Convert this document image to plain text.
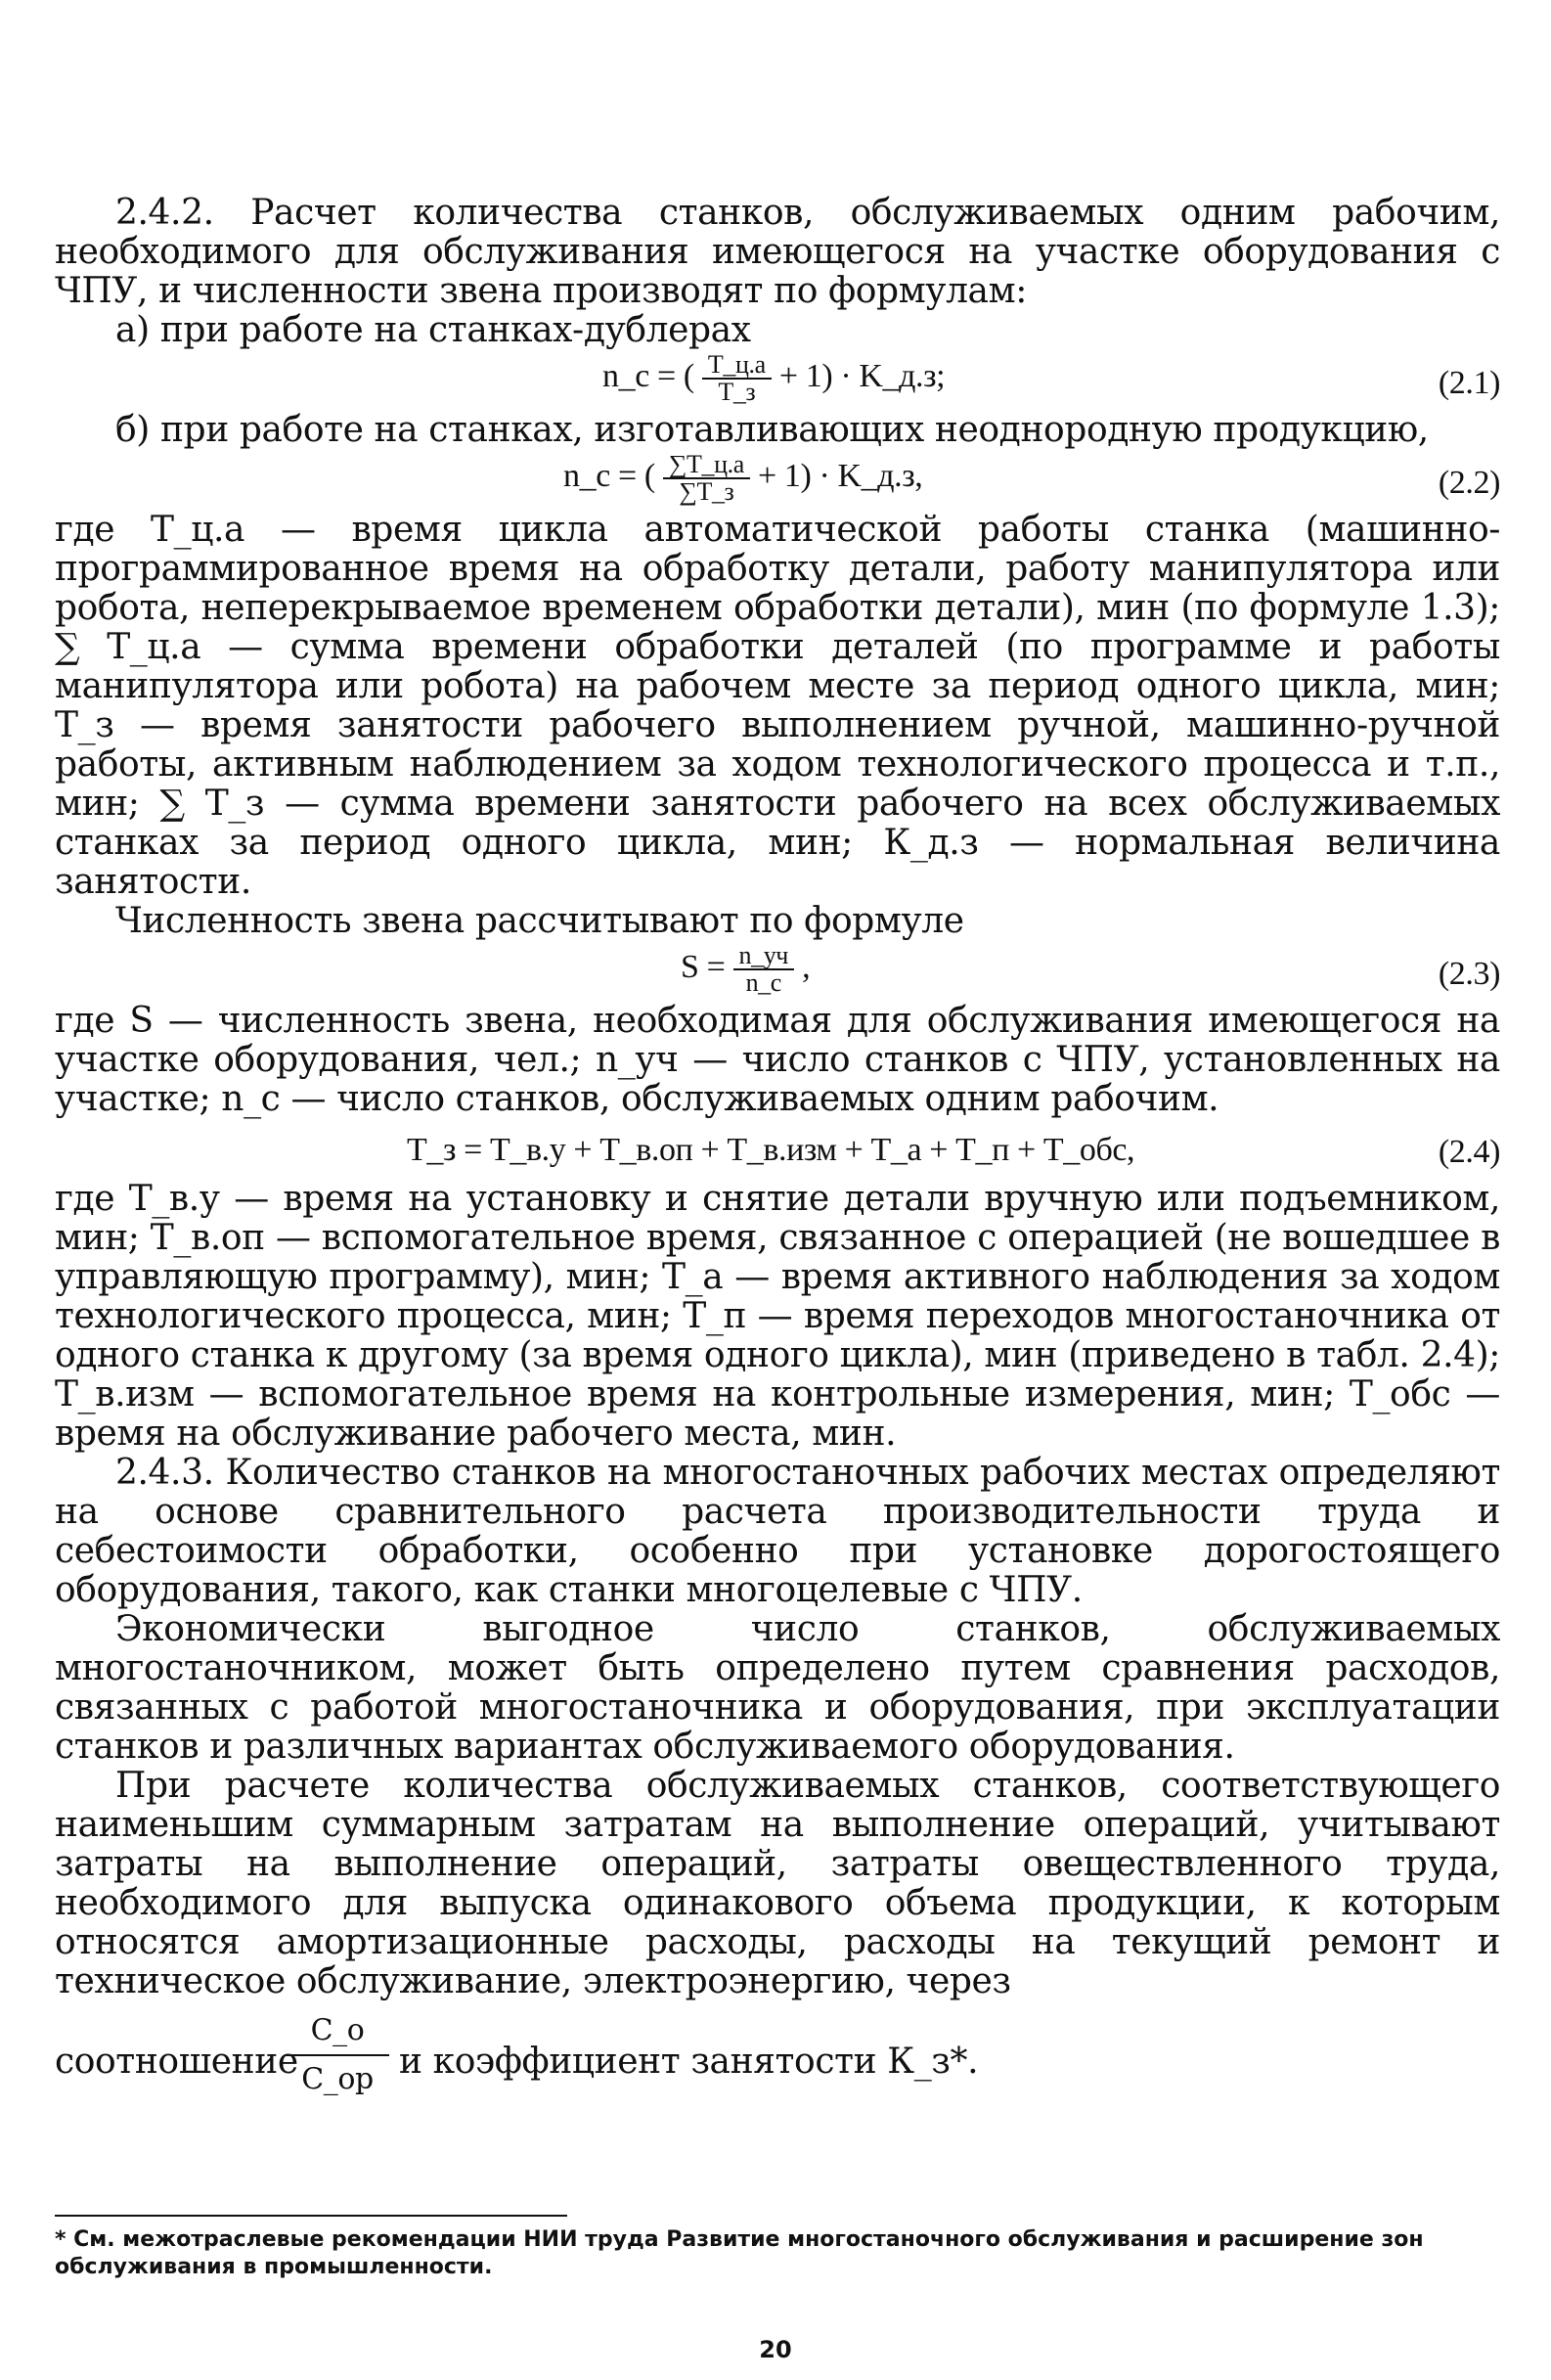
2.4.2. Расчет количества станков, обслуживаемых одним рабочим, необходимого для обслуживания имеющегося на участке оборудования с ЧПУ, и численности звена производят по формулам:

а) при работе на станках-дублерах

n_c = ( $\frac{T\_ц.а}{T\_з} + 1$) · K_д.з;	(2.1)

б) при работе на станках, изготавливающих неоднородную продукцию,

n_c = ( $\frac{\sum T\_ц.а}{\sum T\_з} + 1$) · K_д.з,	(2.2)

где Т_ц.а — время цикла автоматической работы станка (машинно-программированное время на обработку детали, работу манипулятора или робота, неперекрываемое временем обработки детали), мин (по формуле 1.3); ∑ Т_ц.а — сумма времени обработки деталей (по программе и работы манипулятора или робота) на рабочем месте за период одного цикла, мин; Т_з — время занятости рабочего выполнением ручной, машинно-ручной работы, активным наблюдением за ходом технологического процесса и т.п., мин; ∑ Т_з — сумма времени занятости рабочего на всех обслуживаемых станках за период одного цикла, мин; К_д.з — нормальная величина занятости.

Численность звена рассчитывают по формуле

$S = \frac{n\_уч}{n\_c}$ ,	(2.3)

где S — численность звена, необходимая для обслуживания имеющегося на участке оборудования, чел.; n_уч — число станков с ЧПУ, установленных на участке; n_с — число станков, обслуживаемых одним рабочим.

T_з = T_в.у + T_в.оп + T_в.изм + T_а + T_п + T_обс,	(2.4)

где Т_в.у — время на установку и снятие детали вручную или подъемником, мин; Т_в.оп — вспомогательное время, связанное с операцией (не вошедшее в управляющую программу), мин; Т_а — время активного наблюдения за ходом технологического процесса, мин; Т_п — время переходов многостаночника от одного станка к другому (за время одного цикла), мин (приведено в табл. 2.4); Т_в.изм — вспомогательное время на контрольные измерения, мин; Т_обс — время на обслуживание рабочего места, мин.

2.4.3. Количество станков на многостаночных рабочих местах определяют на основе сравнительного расчета производительности труда и себестоимости обработки, особенно при установке дорогостоящего оборудования, такого, как станки многоцелевые с ЧПУ.

Экономически выгодное число станков, обслуживаемых многостаночником, может быть определено путем сравнения расходов, связанных с работой многостаночника и оборудования, при эксплуатации станков и различных вариантах обслуживаемого оборудования.

При расчете количества обслуживаемых станков, соответствующего наименьшим суммарным затратам на выполнение операций, учитывают затраты на выполнение операций, затраты овеществленного труда, необходимого для выпуска одинакового объема продукции, к которым относятся амортизационные расходы, расходы на текущий ремонт и техническое обслуживание, электроэнергию, через

соотношение
С_о
С_ор и коэффициент занятости К_з*.
* См. межотраслевые рекомендации НИИ труда Развитие многостаночного обслуживания и расширение зон обслуживания в промышленности.
20
